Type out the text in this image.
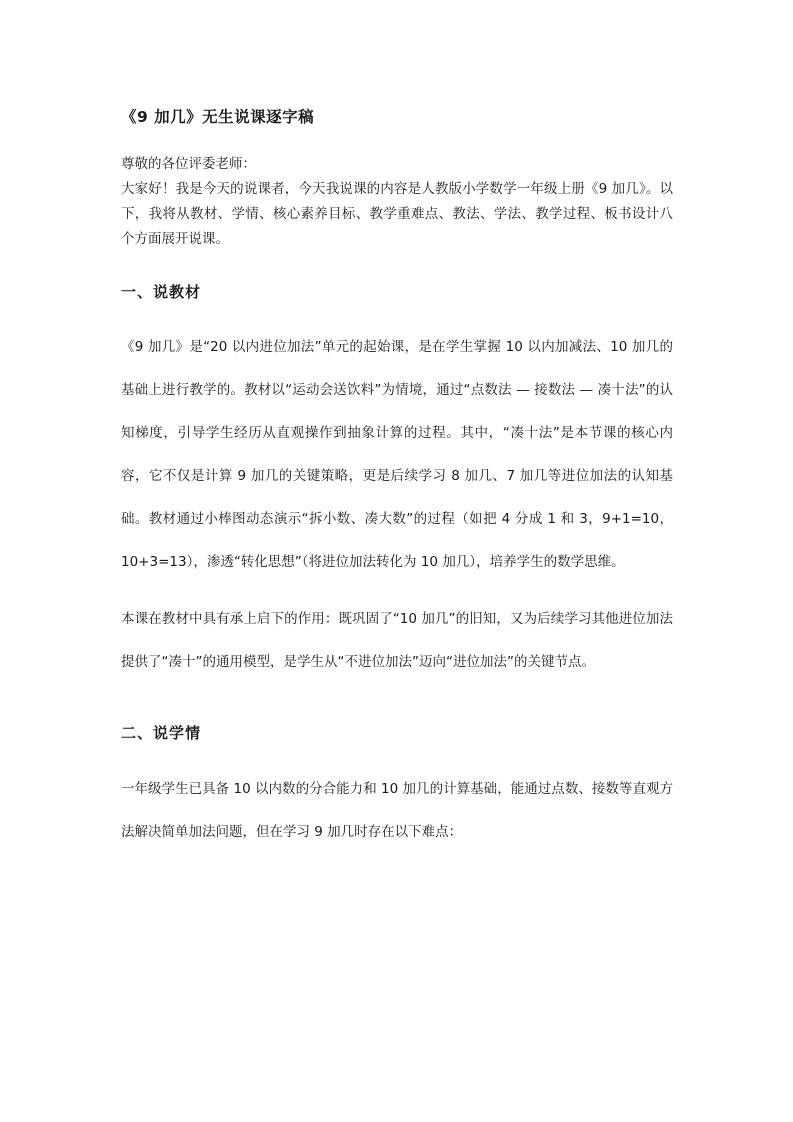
《9 加几》无生说课逐字稿

尊敬的各位评委老师：

大家好！我是今天的说课者，今天我说课的内容是人教版小学数学一年级上册《9 加几》。以下，我将从教材、学情、核心素养目标、教学重难点、教法、学法、教学过程、板书设计八个方面展开说课。

一、说教材

《9 加几》是“20 以内进位加法”单元的起始课，是在学生掌握 10 以内加减法、10 加几的基础上进行教学的。教材以“运动会送饮料”为情境，通过“点数法 — 接数法 — 凑十法”的认知梯度，引导学生经历从直观操作到抽象计算的过程。其中，“凑十法”是本节课的核心内容，它不仅是计算 9 加几的关键策略，更是后续学习 8 加几、7 加几等进位加法的认知基础。教材通过小棒图动态演示“拆小数、凑大数”的过程（如把 4 分成 1 和 3，9+1=10，10+3=13），渗透“转化思想”（将进位加法转化为 10 加几），培养学生的数学思维。

本课在教材中具有承上启下的作用：既巩固了“10 加几”的旧知，又为后续学习其他进位加法提供了“凑十”的通用模型，是学生从“不进位加法”迈向“进位加法”的关键节点。

二、说学情

一年级学生已具备 10 以内数的分合能力和 10 加几的计算基础，能通过点数、接数等直观方法解决简单加法问题，但在学习 9 加几时存在以下难点：
